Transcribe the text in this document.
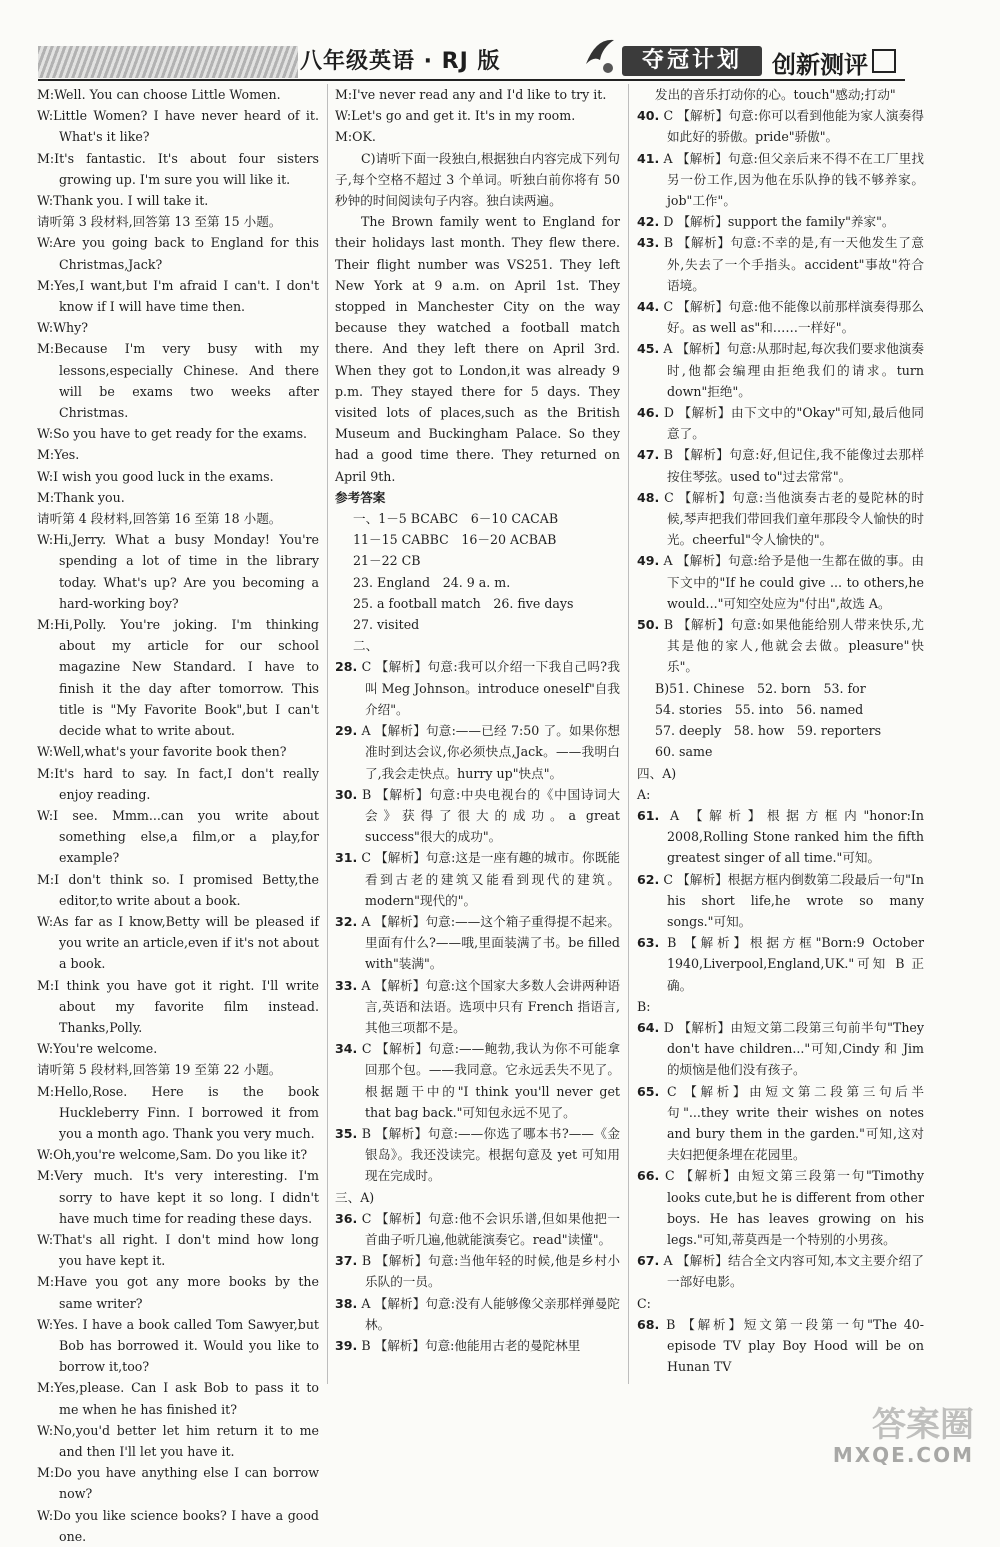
八年级英语 · RJ 版	夺冠计划	创新测评

M:Well. You can choose Little Women.

W:Little Women? I have never heard of it. What's it like?

M:It's fantastic. It's about four sisters growing up. I'm sure you will like it.

W:Thank you. I will take it.

请听第 3 段材料,回答第 13 至第 15 小题。

W:Are you going back to England for this Christmas,Jack?

M:Yes,I want,but I'm afraid I can't. I don't know if I will have time then.

W:Why?

M:Because I'm very busy with my lessons,especially Chinese. And there will be exams two weeks after Christmas.

W:So you have to get ready for the exams.

M:Yes.

W:I wish you good luck in the exams.

M:Thank you.

请听第 4 段材料,回答第 16 至第 18 小题。

W:Hi,Jerry. What a busy Monday! You're spending a lot of time in the library today. What's up? Are you becoming a hard-working boy?

M:Hi,Polly. You're joking. I'm thinking about my article for our school magazine New Standard. I have to finish it the day after tomorrow. This title is "My Favorite Book",but I can't decide what to write about.

W:Well,what's your favorite book then?

M:It's hard to say. In fact,I don't really enjoy reading.

W:I see. Mmm...can you write about something else,a film,or a play,for example?

M:I don't think so. I promised Betty,the editor,to write about a book.

W:As far as I know,Betty will be pleased if you write an article,even if it's not about a book.

M:I think you have got it right. I'll write about my favorite film instead. Thanks,Polly.

W:You're welcome.

请听第 5 段材料,回答第 19 至第 22 小题。

M:Hello,Rose. Here is the book Huckleberry Finn. I borrowed it from you a month ago. Thank you very much.

W:Oh,you're welcome,Sam. Do you like it?

M:Very much. It's very interesting. I'm sorry to have kept it so long. I didn't have much time for reading these days.

W:That's all right. I don't mind how long you have kept it.

M:Have you got any more books by the same writer?

W:Yes. I have a book called Tom Sawyer,but Bob has borrowed it. Would you like to borrow it,too?

M:Yes,please. Can I ask Bob to pass it to me when he has finished it?

W:No,you'd better let him return it to me and then I'll let you have it.

M:Do you have anything else I can borrow now?

W:Do you like science books? I have a good one.

M:I've never read any and I'd like to try it.

W:Let's go and get it. It's in my room.

M:OK.

C)请听下面一段独白,根据独白内容完成下列句子,每个空格不超过 3 个单词。听独白前你将有 50 秒钟的时间阅读句子内容。独白读两遍。

The Brown family went to England for their holidays last month. They flew there. Their flight number was VS251. They left New York at 9 a.m. on April 1st. They stopped in Manchester City on the way because they watched a football match there. And they left there on April 3rd. When they got to London,it was already 9 p.m. They stayed there for 5 days. They visited lots of places,such as the British Museum and Buckingham Palace. So they had a good time there. They returned on April 9th.

参考答案

一、1－5 BCABC　6－10 CACAB

11－15 CABBC　16－20 ACBAB

21－22 CB

23. England　24. 9 a. m.

25. a football match　26. five days

27. visited

二、

28. C 【解析】句意:我可以介绍一下我自己吗?我叫 Meg Johnson。introduce oneself"自我介绍"。

29. A 【解析】句意:——已经 7:50 了。如果你想准时到达会议,你必须快点,Jack。——我明白了,我会走快点。hurry up"快点"。

30. B 【解析】句意:中央电视台的《中国诗词大会》获得了很大的成功。a great success"很大的成功"。

31. C 【解析】句意:这是一座有趣的城市。你既能看到古老的建筑又能看到现代的建筑。modern"现代的"。

32. A 【解析】句意:——这个箱子重得提不起来。里面有什么?——哦,里面装满了书。be filled with"装满"。

33. A 【解析】句意:这个国家大多数人会讲两种语言,英语和法语。选项中只有 French 指语言,其他三项都不是。

34. C 【解析】句意:——鲍勃,我认为你不可能拿回那个包。——我同意。它永远丢失不见了。根据题干中的"I think you'll never get that bag back."可知包永远不见了。

35. B 【解析】句意:——你选了哪本书?——《金银岛》。我还没读完。根据句意及 yet 可知用现在完成时。

三、A)

36. C 【解析】句意:他不会识乐谱,但如果他把一首曲子听几遍,他就能演奏它。read"读懂"。

37. B 【解析】句意:当他年轻的时候,他是乡村小乐队的一员。

38. A 【解析】句意:没有人能够像父亲那样弹曼陀林。

39. B 【解析】句意:他能用古老的曼陀林里

发出的音乐打动你的心。touch"感动;打动"

40. C 【解析】句意:你可以看到他能为家人演奏得如此好的骄傲。pride"骄傲"。

41. A 【解析】句意:但父亲后来不得不在工厂里找另一份工作,因为他在乐队挣的钱不够养家。job"工作"。

42. D 【解析】support the family"养家"。

43. B 【解析】句意:不幸的是,有一天他发生了意外,失去了一个手指头。accident"事故"符合语境。

44. C 【解析】句意:他不能像以前那样演奏得那么好。as well as"和……一样好"。

45. A 【解析】句意:从那时起,每次我们要求他演奏时,他都会编理由拒绝我们的请求。turn down"拒绝"。

46. D 【解析】由下文中的"Okay"可知,最后他同意了。

47. B 【解析】句意:好,但记住,我不能像过去那样按住琴弦。used to"过去常常"。

48. C 【解析】句意:当他演奏古老的曼陀林的时候,琴声把我们带回我们童年那段令人愉快的时光。cheerful"令人愉快的"。

49. A 【解析】句意:给予是他一生都在做的事。由下文中的"If he could give ... to others,he would..."可知空处应为"付出",故选 A。

50. B 【解析】句意:如果他能给别人带来快乐,尤其是他的家人,他就会去做。pleasure"快乐"。

B)51. Chinese　52. born　53. for

54. stories　55. into　56. named

57. deeply　58. how　59. reporters

60. same

四、A)

A:

61. A 【解析】根据方框内"honor:In 2008,Rolling Stone ranked him the fifth greatest singer of all time."可知。

62. C 【解析】根据方框内倒数第二段最后一句"In his short life,he wrote so many songs."可知。

63. B 【解析】根据方框"Born:9 October 1940,Liverpool,England,UK."可知 B 正确。

B:

64. D 【解析】由短文第二段第三句前半句"They don't have children..."可知,Cindy 和 Jim 的烦恼是他们没有孩子。

65. C 【解析】由短文第二段第三句后半句"...they write their wishes on notes and bury them in the garden."可知,这对夫妇把便条埋在花园里。

66. C 【解析】由短文第三段第一句"Timothy looks cute,but he is different from other boys. He has leaves growing on his legs."可知,蒂莫西是一个特别的小男孩。

67. A 【解析】结合全文内容可知,本文主要介绍了一部好电影。

C:

68. B 【解析】短文第一段第一句"The 40-episode TV play Boy Hood will be on Hunan TV

答案圈
MXQE.COM
